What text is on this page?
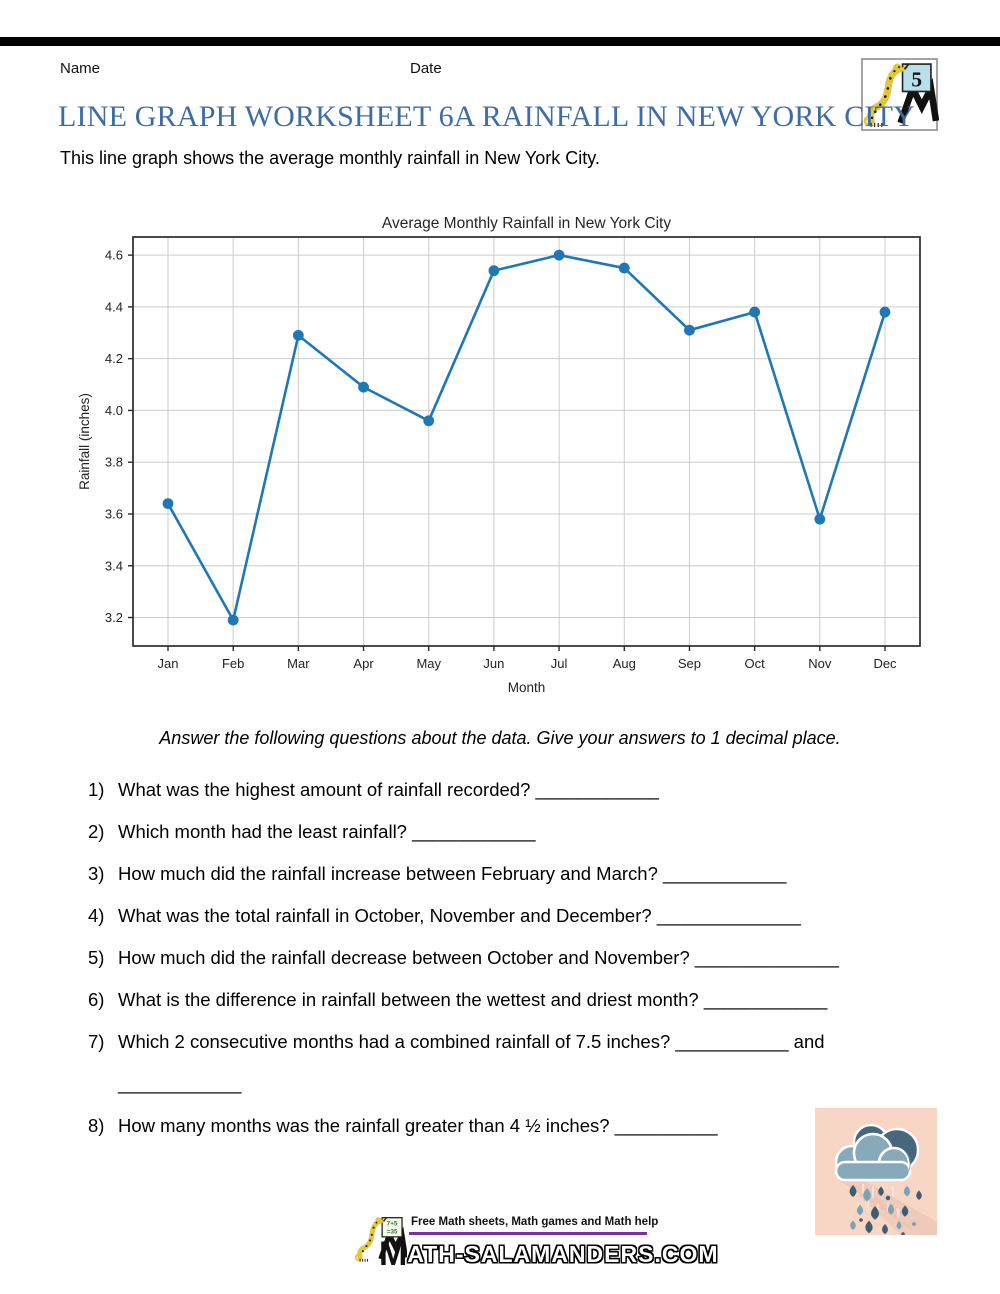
Name	Date	5
LINE GRAPH WORKSHEET 6A RAINFALL IN NEW YORK CITY
This line graph shows the average monthly rainfall in New York City.
3.2
3.4
3.6
3.8
4.0
4.2
4.4
4.6
Jan	Feb	Mar	Apr	May	Jun	Jul	Aug	Sep	Oct	Nov	Dec
Average Monthly Rainfall in New York City
Month
Rainfall (inches)
Answer the following questions about the data. Give your answers to 1 decimal place.
1) What was the highest amount of rainfall recorded? ____________
2) Which month had the least rainfall? ____________
3) How much did the rainfall increase between February and March? ____________
4) What was the total rainfall in October, November and December? ______________
5) How much did the rainfall decrease between October and November? ______________
6) What is the difference in rainfall between the wettest and driest month? ____________
7) Which 2 consecutive months had a combined rainfall of 7.5 inches? ___________ and
____________
8) How many months was the rainfall greater than 4 ½ inches? __________
7+5
=35
Free Math sheets, Math games and Math help
MATH-SALAMANDERS.COM
